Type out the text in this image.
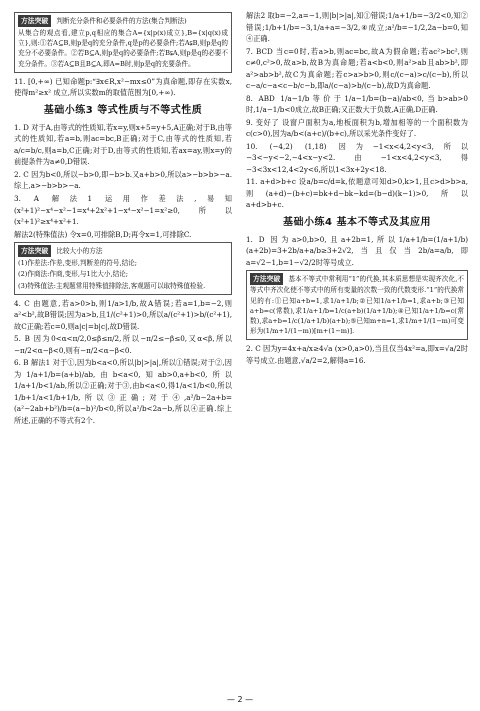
方法突破 判断充分条件和必要条件的方法(集合判断法)

从集合的观点看,建立p,q相应的集合A={x|p(x)成立},B={x|q(x)成立},则:①若A⊆B,则p是q的充分条件,q是p的必要条件;若A⫋B,则p是q的充分不必要条件。②若B⊆A,则p是q的必要条件;若B⫋A,则p是q的必要不充分条件。③若A⊆B且B⊆A,即A=B时,则p是q的充要条件。

11. [0,+∞) 已知命题p:“∃x∈R,x²−mx≤0”为真命题,即存在实数x,使得m²≥x² 成立,所以实数m的取值范围为[0,+∞).

基础小练3 等式性质与不等式性质

1. D 对于A,由等式的性质知,若x=y,则x+5=y+5,A正确;对于B,由等式的性质知,若a=b,则ac=bc,B正确;对于C,由等式的性质知,若a/c=b/c,则a=b,C正确;对于D,由等式的性质知,若ax=ay,则x=y的前提条件为a≠0,D错误.

2. C 因为b<0,所以−b>0,即−b>b.又a+b>0,所以a>−b>b>−a.综上,a>−b>b>−a.

3. A 解法1 运用作差法,易知(x²+1)²−x⁴−x²−1=x⁴+2x²+1−x⁴−x²−1=x²≥0,所以(x²+1)²≥x⁴+x²+1.

解法2(特殊值法) 令x=0,可排除B,D;再令x=1,可排除C.

方法突破 比较大小的方法

(1)作差法:作差,变形,判断差的符号,结论;

(2)作商法:作商,变形,与1比大小,结论;

(3)特殊值法:主观题常用特殊值排除法,客观题可以取特殊值检验.

4. C 由题意,若a>0>b,则1/a>1/b,故A错误;若a=1,b=−2,则a²<b²,故B错误;因为a>b,且1/(c²+1)>0,所以a/(c²+1)>b/(c²+1),故C正确;若c=0,则a|c|=b|c|,故D错误.

5. B 因为0<α<π/2,0≤β≤π/2,所以−π/2≤−β≤0,又α<β,所以−π/2<α−β<0,则有−π/2<α−β<0.

6. B 解法1 对于①,因为b<a<0,所以|b|>|a|,所以①错误;对于②,因为1/a+1/b=(a+b)/ab,由b<a<0,知ab>0,a+b<0,所以1/a+1/b<1/ab,所以②正确;对于③,由b<a<0,得1/a<1/b<0,所以1/b+1/a<1/b+1/b,所以③正确;对于④,a²/b−2a+b=(a²−2ab+b²)/b=(a−b)²/b<0,所以a²/b<2a−b,所以④正确.综上所述,正确的不等式有2个.

解法2 取b=−2,a=−1,则|b|>|a|,知①错误;1/a+1/b=−3/2<0,知②错误;1/b+1/b=−3,1/a+a=−3/2,④成立;a²/b=−1/2,2a−b=0,知④正确.

7. BCD 当c=0时,若a>b,则ac=bc,故A为假命题;若ac²>bc²,则c≠0,c²>0,故a>b,故B为真命题;若a<b<0,则a²>ab且ab>b²,即a²>ab>b²,故C为真命题;若c>a>b>0,则c/(c−a)>c/(c−b),所以c−a/c−a<c−b/c−b,即a/(c−a)>b/(c−b),故D为真命题.

8. ABD 1/a−1/b等价于1/a−1/b=(b−a)/ab<0,当b>ab>0时,1/a−1/b<0成立,故B正确;又正数大于负数,A正确,D正确.

9. 变好了 设窗户面积为a,地板面积为b,增加相等的一个面积数为c(c>0),因为a/b<(a+c)/(b+c),所以采光条件变好了.

10. (−4,2) (1,18) 因为−1<x<4,2<y<3,所以−3<−y<−2,−4<x−y<2.由−1<x<4,2<y<3,得−3<3x<12,4<2y<6,所以1<3x+2y<18.

11. a+d>b+c 设a/b=c/d=k,依题意可知d>0,k>1,且c>d>b>a,则(a+d)−(b+c)=bk+d−bk−kd=(b−d)(k−1)>0,所以a+d>b+c.

基础小练4 基本不等式及其应用

1. D 因为a>0,b>0,且a+2b=1,所以1/a+1/b=(1/a+1/b)(a+2b)=3+2b/a+a/b≥3+2√2,当且仅当2b/a=a/b,即a=√2−1,b=1−√2/2时等号成立.

方法突破 基本不等式中常利用“1”的代换,其本质思想是实现齐次化,不等式中齐次化使不等式中的所有变量的次数一致的代数变形.“1”的代换常见的有:①已知a+b=1,求1/a+1/b;②已知1/a+1/b=1,求a+b;③已知a+b=c(常数),求1/a+1/b=1/c(a+b)(1/a+1/b);④已知1/a+1/b=c(常数),求a+b=1/c(1/a+1/b)(a+b);⑤已知m+n=1,求1/m+1/(1−m)可变形为(1/m+1/(1−m))[m+(1−m)].

2. C 因为y=4x+a/x≥4√a (x>0,a>0),当且仅当4x²=a,即x=√a/2时等号成立.由题意,√a/2=2,解得a=16.

— 2 —
